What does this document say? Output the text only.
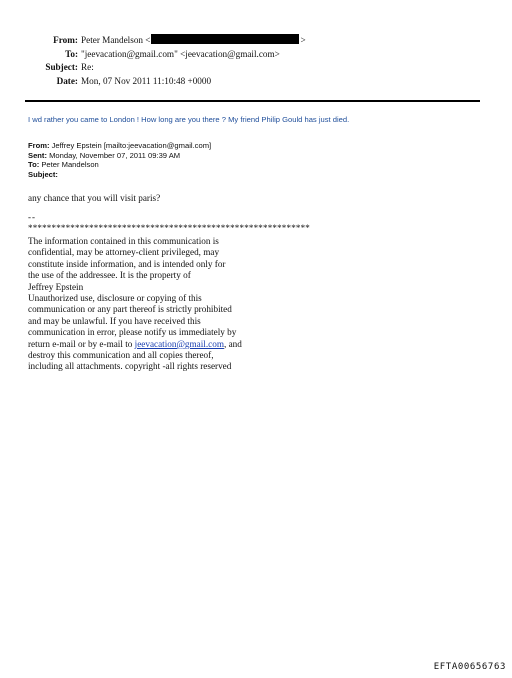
From: Peter Mandelson <	>
To: "jeevacation@gmail.com" <jeevacation@gmail.com>
Subject: Re:
Date: Mon, 07 Nov 2011 11:10:48 +0000
I wd rather you came to London ! How long are you there ? My friend Philip Gould has just died.
From: Jeffrey Epstein [mailto:jeevacation@gmail.com]
Sent: Monday, November 07, 2011 09:39 AM
To: Peter Mandelson
Subject:
any chance that you will visit paris?
--
************************************************************
The information contained in this communication is
confidential, may be attorney-client privileged, may
constitute inside information, and is intended only for
the use of the addressee. It is the property of
Jeffrey Epstein
Unauthorized use, disclosure or copying of this
communication or any part thereof is strictly prohibited
and may be unlawful. If you have received this
communication in error, please notify us immediately by
return e-mail or by e-mail to jeevacation@gmail.com, and
destroy this communication and all copies thereof,
including all attachments. copyright -all rights reserved
EFTA00656763
